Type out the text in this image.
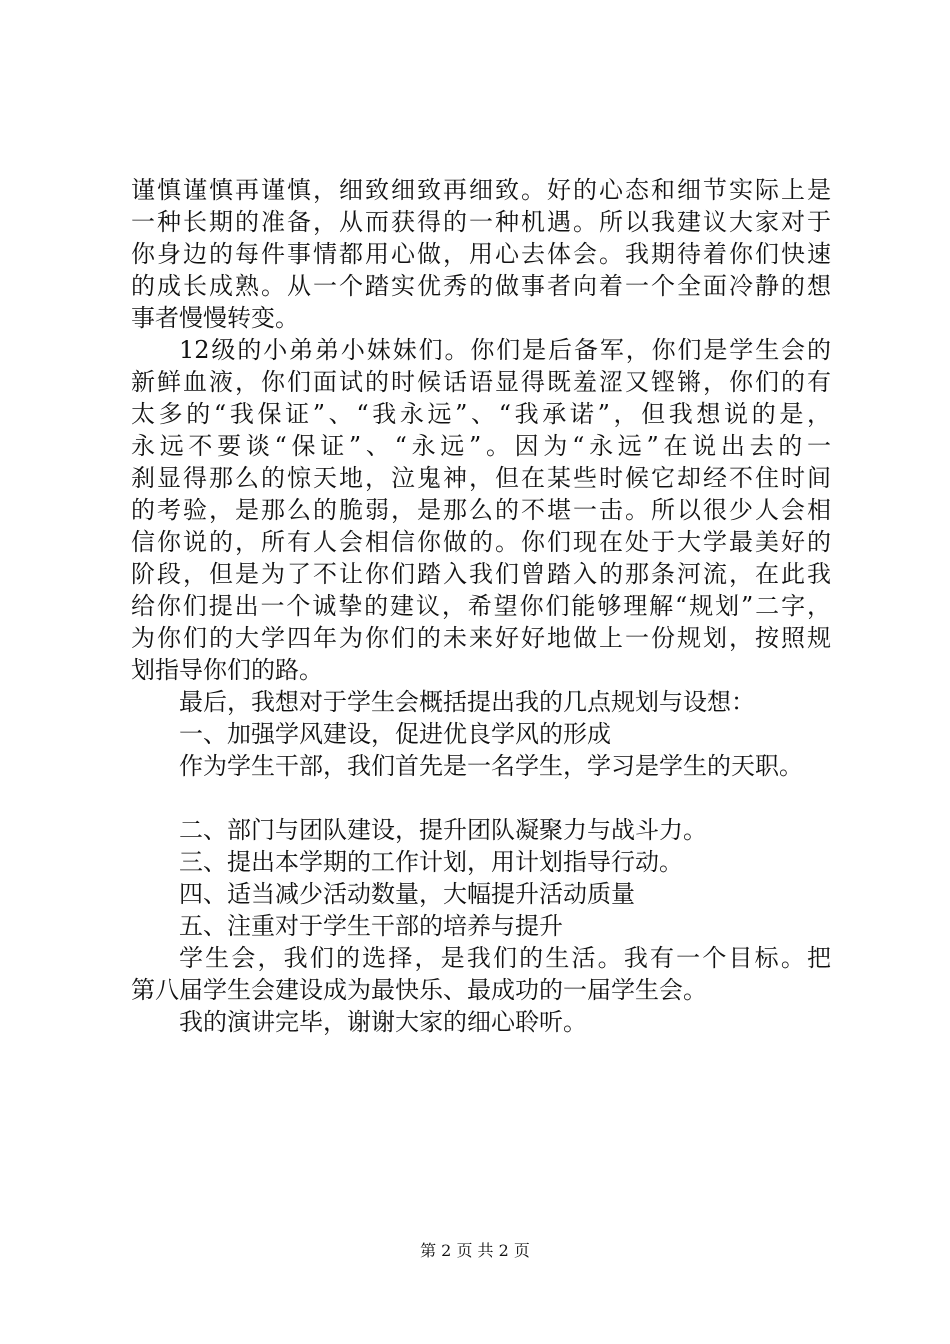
谨慎谨慎再谨慎，细致细致再细致。好的心态和细节实际上是
一种长期的准备，从而获得的一种机遇。所以我建议大家对于
你身边的每件事情都用心做，用心去体会。我期待着你们快速
的成长成熟。从一个踏实优秀的做事者向着一个全面冷静的想
事者慢慢转变。
12级的小弟弟小妹妹们。你们是后备军，你们是学生会的
新鲜血液，你们面试的时候话语显得既羞涩又铿锵，你们的有
太多的“我保证”、“我永远”、“我承诺”，但我想说的是，
永远不要谈“保证”、“永远”。因为“永远”在说出去的一
刹显得那么的惊天地，泣鬼神，但在某些时候它却经不住时间
的考验，是那么的脆弱，是那么的不堪一击。所以很少人会相
信你说的，所有人会相信你做的。你们现在处于大学最美好的
阶段，但是为了不让你们踏入我们曾踏入的那条河流，在此我
给你们提出一个诚挚的建议，希望你们能够理解“规划”二字，
为你们的大学四年为你们的未来好好地做上一份规划，按照规
划指导你们的路。
最后，我想对于学生会概括提出我的几点规划与设想：
一、加强学风建设，促进优良学风的形成
作为学生干部，我们首先是一名学生，学习是学生的天职。
二、部门与团队建设，提升团队凝聚力与战斗力。
三、提出本学期的工作计划，用计划指导行动。
四、适当减少活动数量，大幅提升活动质量
五、注重对于学生干部的培养与提升
学生会，我们的选择，是我们的生活。我有一个目标。把
第八届学生会建设成为最快乐、最成功的一届学生会。
我的演讲完毕，谢谢大家的细心聆听。
第 2 页 共 2 页
